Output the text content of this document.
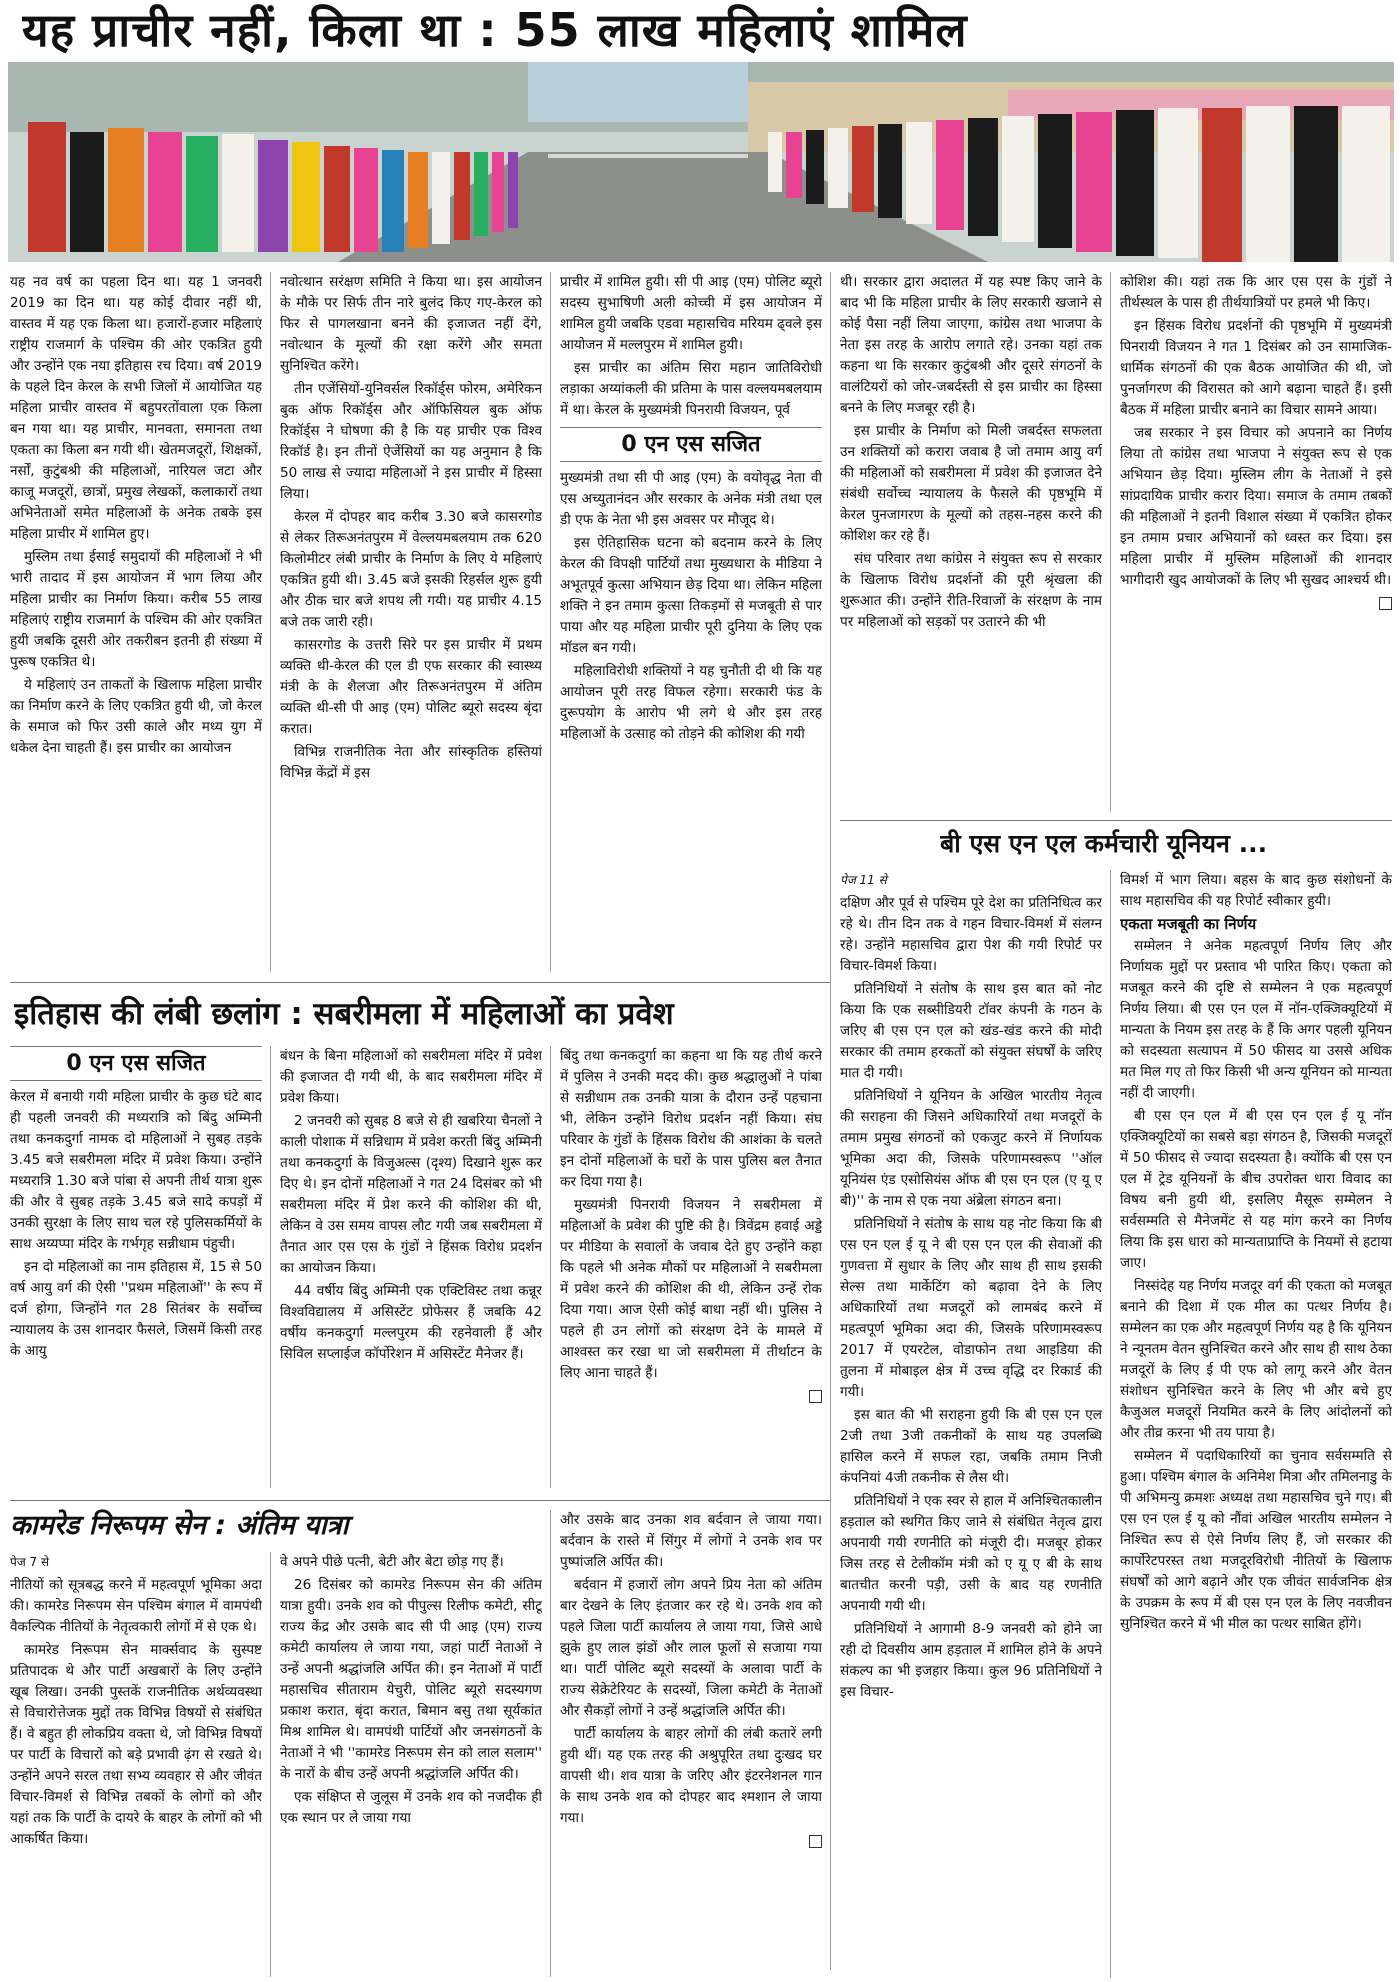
यह प्राचीर नहीं, किला था : 55 लाख महिलाएं शामिल

यह नव वर्ष का पहला दिन था। यह 1 जनवरी 2019 का दिन था। यह कोई दीवार नहीं थी, वास्तव में यह एक किला था। हजारों-हजार महिलाएं राष्ट्रीय राजमार्ग के पश्चिम की ओर एकत्रित हुयी और उन्होंने एक नया इतिहास रच दिया। वर्ष 2019 के पहले दिन केरल के सभी जिलों में आयोजित यह महिला प्राचीर वास्तव में बहुपरतोंवाला एक किला बन गया था। यह प्राचीर, मानवता, समानता तथा एकता का किला बन गयी थी। खेतमजदूरों, शिक्षकों, नर्सों, कुटुंबश्री की महिलाओं, नारियल जटा और काजू मजदूरों, छात्रों, प्रमुख लेखकों, कलाकारों तथा अभिनेताओं समेत महिलाओं के अनेक तबके इस महिला प्राचीर में शामिल हुए।

मुस्लिम तथा ईसाई समुदायों की महिलाओं ने भी भारी तादाद में इस आयोजन में भाग लिया और महिला प्राचीर का निर्माण किया। करीब 55 लाख महिलाएं राष्ट्रीय राजमार्ग के पश्चिम की ओर एकत्रित हुयी जबकि दूसरी ओर तकरीबन इतनी ही संख्या में पुरूष एकत्रित थे।

ये महिलाएं उन ताकतों के खिलाफ महिला प्राचीर का निर्माण करने के लिए एकत्रित हुयी थी, जो केरल के समाज को फिर उसी काले और मध्य युग में धकेल देना चाहती हैं। इस प्राचीर का आयोजन

नवोत्थान सरंक्षण समिति ने किया था। इस आयोजन के मौके पर सिर्फ तीन नारे बुलंद किए गए-केरल को फिर से पागलखाना बनने की इजाजत नहीं देंगे, नवोत्थान के मूल्यों की रक्षा करेंगे और समता सुनिश्चित करेंगे।

तीन एजेंसियों-युनिवर्सल रिकॉर्ड्स फोरम, अमेरिकन बुक ऑफ रिकॉर्ड्स और ऑफिसियल बुक ऑफ रिकॉर्ड्स ने घोषणा की है कि यह प्राचीर एक विश्व रिकॉर्ड है। इन तीनों ऐजेंसियों का यह अनुमान है कि 50 लाख से ज्यादा महिलाओं ने इस प्राचीर में हिस्सा लिया।

केरल में दोपहर बाद करीब 3.30 बजे कासरगोड से लेकर तिरूअनंतपुरम में वेल्लयमबलयाम तक 620 किलोमीटर लंबी प्राचीर के निर्माण के लिए ये महिलाएं एकत्रित हुयी थी। 3.45 बजे इसकी रिहर्सल शुरू हुयी और ठीक चार बजे शपथ ली गयी। यह प्राचीर 4.15 बजे तक जारी रही।

कासरगोड के उत्तरी सिरे पर इस प्राचीर में प्रथम व्यक्ति थी-केरल की एल डी एफ सरकार की स्वास्थ्य मंत्री के के शैलजा और तिरूअनंतपुरम में अंतिम व्यक्ति थी-सी पी आइ (एम) पोलिट ब्यूरो सदस्य बृंदा करात।

विभिन्न राजनीतिक नेता और सांस्कृतिक हस्तियां विभिन्न केंद्रों में इस

प्राचीर में शामिल हुयी। सी पी आइ (एम) पोलिट ब्यूरो सदस्य सुभाषिणी अली कोच्ची में इस आयोजन में शामिल हुयी जबकि एडवा महासचिव मरियम ढ्वले इस आयोजन में मल्लपुरम में शामिल हुयी।

इस प्राचीर का अंतिम सिरा महान जातिविरोधी लड़ाका अय्यांकली की प्रतिमा के पास वल्लयमबलयाम में था। केरल के मुख्यमंत्री पिनरायी विजयन, पूर्व

0 एन एस सजित

मुख्यमंत्री तथा सी पी आइ (एम) के वयोवृद्ध नेता वी एस अच्युतानंदन और सरकार के अनेक मंत्री तथा एल डी एफ के नेता भी इस अवसर पर मौजूद थे।

इस ऐतिहासिक घटना को बदनाम करने के लिए केरल की विपक्षी पार्टियों तथा मुख्यधारा के मीडिया ने अभूतपूर्व कुत्सा अभियान छेड़ दिया था। लेकिन महिला शक्ति ने इन तमाम कुत्सा तिकड़मों से मजबूती से पार पाया और यह महिला प्राचीर पूरी दुनिया के लिए एक मॉडल बन गयी।

महिलाविरोधी शक्तियों ने यह चुनौती दी थी कि यह आयोजन पूरी तरह विफल रहेगा। सरकारी फंड के दुरूपयोग के आरोप भी लगे थे और इस तरह महिलाओं के उत्साह को तोड़ने की कोशिश की गयी

थी। सरकार द्वारा अदालत में यह स्पष्ट किए जाने के बाद भी कि महिला प्राचीर के लिए सरकारी खजाने से कोई पैसा नहीं लिया जाएगा, कांग्रेस तथा भाजपा के नेता इस तरह के आरोप लगाते रहे। उनका यहां तक कहना था कि सरकार कुटुंबश्री और दूसरे संगठनों के वालंटियरों को जोर-जबर्दस्ती से इस प्राचीर का हिस्सा बनने के लिए मजबूर रही है।

इस प्राचीर के निर्माण को मिली जबर्दस्त सफलता उन शक्तियों को करारा जवाब है जो तमाम आयु वर्ग की महिलाओं को सबरीमला में प्रवेश की इजाजत देने संबंधी सर्वोच्च न्यायालय के फैसले की पृष्ठभूमि में केरल पुनजागरण के मूल्यों को तहस-नहस करने की कोशिश कर रहे हैं।

संघ परिवार तथा कांग्रेस ने संयुक्त रूप से सरकार के खिलाफ विरोध प्रदर्शनों की पूरी श्रृंखला की शुरूआत की। उन्होंने रीति-रिवाजों के संरक्षण के नाम पर महिलाओं को सड़कों पर उतारने की भी

कोशिश की। यहां तक कि आर एस एस के गुंडों ने तीर्थस्थल के पास ही तीर्थयात्रियों पर हमले भी किए।

इन हिंसक विरोध प्रदर्शनों की पृष्ठभूमि में मुख्यमंत्री पिनरायी विजयन ने गत 1 दिसंबर को उन सामाजिक-धार्मिक संगठनों की एक बैठक आयोजित की थी, जो पुनर्जागरण की विरासत को आगे बढ़ाना चाहते हैं। इसी बैठक में महिला प्राचीर बनाने का विचार सामने आया।

जब सरकार ने इस विचार को अपनाने का निर्णय लिया तो कांग्रेस तथा भाजपा ने संयुक्त रूप से एक अभियान छेड़ दिया। मुस्लिम लीग के नेताओं ने इसे सांप्रदायिक प्राचीर करार दिया। समाज के तमाम तबकों की महिलाओं ने इतनी विशाल संख्या में एकत्रित होकर इन तमाम प्रचार अभियानों को ध्वस्त कर दिया। इस महिला प्राचीर में मुस्लिम महिलाओं की शानदार भागीदारी खुद आयोजकों के लिए भी सुखद आश्चर्य थी।

बी एस एन एल कर्मचारी यूनियन ...
इतिहास की लंबी छलांग : सबरीमला में महिलाओं का प्रवेश
0 एन एस सजित

केरल में बनायी गयी महिला प्राचीर के कुछ घंटे बाद ही पहली जनवरी की मध्यरात्रि को बिंदु अम्मिनी तथा कनकदुर्गा नामक दो महिलाओं ने सुबह तड़के 3.45 बजे सबरीमला मंदिर में प्रवेश किया। उन्होंने मध्यरात्रि 1.30 बजे पांबा से अपनी तीर्थ यात्रा शुरू की और वे सुबह तड़के 3.45 बजे सादे कपड़ों में उनकी सुरक्षा के लिए साथ चल रहे पुलिसकर्मियों के साथ अय्यप्पा मंदिर के गर्भगृह सन्नीधाम पंहुची।

इन दो महिलाओं का नाम इतिहास में, 15 से 50 वर्ष आयु वर्ग की ऐसी ''प्रथम महिलाओं'' के रूप में दर्ज होगा, जिन्होंने गत 28 सितंबर के सर्वोच्च न्यायालय के उस शानदार फैसले, जिसमें किसी तरह के आयु

बंधन के बिना महिलाओं को सबरीमला मंदिर में प्रवेश की इजाजत दी गयी थी, के बाद सबरीमला मंदिर में प्रवेश किया।

2 जनवरी को सुबह 8 बजे से ही खबरिया चैनलों ने काली पोशाक में सन्निधाम में प्रवेश करती बिंदु अम्मिनी तथा कनकदुर्गा के विजुअल्स (दृश्य) दिखाने शुरू कर दिए थे। इन दोनों महिलाओं ने गत 24 दिसंबर को भी सबरीमला मंदिर में प्रेश करने की कोशिश की थी, लेकिन वे उस समय वापस लौट गयी जब सबरीमला में तैनात आर एस एस के गुंडों ने हिंसक विरोध प्रदर्शन का आयोजन किया।

44 वर्षीय बिंदु अम्मिनी एक एक्टिविस्ट तथा कन्नूर विश्वविद्यालय में असिस्टेंट प्रोफेसर हैं जबकि 42 वर्षीय कनकदुर्गा मल्लपुरम की रहनेवाली हैं और सिविल सप्लाईज कॉर्पोरेशन में असिस्टेंट मैनेजर हैं।

बिंदु तथा कनकदुर्गा का कहना था कि यह तीर्थ करने में पुलिस ने उनकी मदद की। कुछ श्रद्धालुओं ने पांबा से सन्नीधाम तक उनकी यात्रा के दौरान उन्हें पहचाना भी, लेकिन उन्होंने विरोध प्रदर्शन नहीं किया। संघ परिवार के गुंडों के हिंसक विरोध की आशंका के चलते इन दोनों महिलाओं के घरों के पास पुलिस बल तैनात कर दिया गया है।

मुख्यमंत्री पिनरायी विजयन ने सबरीमला में महिलाओं के प्रवेश की पुष्टि की है। त्रिवेंद्रम हवाई अड्डे पर मीडिया के सवालों के जवाब देते हुए उन्होंने कहा कि पहले भी अनेक मौकों पर महिलाओं ने सबरीमला में प्रवेश करने की कोशिश की थी, लेकिन उन्हें रोक दिया गया। आज ऐसी कोई बाधा नहीं थी। पुलिस ने पहले ही उन लोगों को संरक्षण देने के मामले में आश्वस्त कर रखा था जो सबरीमला में तीर्थाटन के लिए आना चाहते हैं।

कामरेड निरूपम सेन : अंतिम यात्रा

पेज 7 से

नीतियों को सूत्रबद्ध करने में महत्वपूर्ण भूमिका अदा की। कामरेड निरूपम सेन पश्चिम बंगाल में वामपंथी वैकल्पिक नीतियों के नेतृत्वकारी लोगों में से एक थे।

कामरेड निरूपम सेन मार्क्सवाद के सुस्पष्ट प्रतिपादक थे और पार्टी अखबारों के लिए उन्होंने खूब लिखा। उनकी पुस्तकें राजनीतिक अर्थव्यवस्था से विचारोत्तेजक मुद्दों तक विभिन्न विषयों से संबंधित हैं। वे बहुत ही लोकप्रिय वक्ता थे, जो विभिन्न विषयों पर पार्टी के विचारों को बड़े प्रभावी ढ़ंग से रखते थे। उन्होंने अपने सरल तथा सभ्य व्यवहार से और जीवंत विचार-विमर्श से विभिन्न तबकों के लोगों को और यहां तक कि पार्टी के दायरे के बाहर के लोगों को भी आकर्षित किया।

वे अपने पीछे पत्नी, बेटी और बेटा छोड़ गए हैं।

26 दिसंबर को कामरेड निरूपम सेन की अंतिम यात्रा हुयी। उनके शव को पीपुल्स रिलीफ कमेटी, सीटू राज्य केंद्र और उसके बाद सी पी आइ (एम) राज्य कमेटी कार्यालय ले जाया गया, जहां पार्टी नेताओं ने उन्हें अपनी श्रद्धांजलि अर्पित की। इन नेताओं में पार्टी महासचिव सीताराम येचुरी, पोलिट ब्यूरो सदस्यगण प्रकाश करात, बृंदा करात, बिमान बसु तथा सूर्यकांत मिश्र शामिल थे। वामपंथी पार्टियों और जनसंगठनों के नेताओं ने भी ''कामरेड निरूपम सेन को लाल सलाम'' के नारों के बीच उन्हें अपनी श्रद्धांजलि अर्पित की।

एक संक्षिप्त से जुलूस में उनके शव को नजदीक ही एक स्थान पर ले जाया गया

और उसके बाद उनका शव बर्दवान ले जाया गया। बर्दवान के रास्ते में सिंगुर में लोगों ने उनके शव पर पुष्पांजलि अर्पित की।

बर्दवान में हजारों लोग अपने प्रिय नेता को अंतिम बार देखने के लिए इंतजार कर रहे थे। उनके शव को पहले जिला पार्टी कार्यालय ले जाया गया, जिसे आधे झुके हुए लाल झंडों और लाल फूलों से सजाया गया था। पार्टी पोलिट ब्यूरो सदस्यों के अलावा पार्टी के राज्य सेक्रेटेरियट के सदस्यों, जिला कमेटी के नेताओं और सैकड़ों लोगों ने उन्हें श्रद्धांजलि अर्पित की।

पार्टी कार्यालय के बाहर लोगों की लंबी कतारें लगी हुयी थीं। यह एक तरह की अश्रुपूरित तथा दुःखद घर वापसी थी। शव यात्रा के जरिए और इंटरनेशनल गान के साथ उनके शव को दोपहर बाद श्मशान ले जाया गया।

पेज 11 से

दक्षिण और पूर्व से पश्चिम पूरे देश का प्रतिनिधित्व कर रहे थे। तीन दिन तक वे गहन विचार-विमर्श में संलग्न रहे। उन्होंने महासचिव द्वारा पेश की गयी रिपोर्ट पर विचार-विमर्श किया।

प्रतिनिधियों ने संतोष के साथ इस बात को नोट किया कि एक सब्सीडियरी टॉवर कंपनी के गठन के जरिए बी एस एन एल को खंड-खंड करने की मोदी सरकार की तमाम हरकतों को संयुक्त संघर्षों के जरिए मात दी गयी।

प्रतिनिधियों ने यूनियन के अखिल भारतीय नेतृत्व की सराहना की जिसने अधिकारियों तथा मजदूरों के तमाम प्रमुख संगठनों को एकजुट करने में निर्णायक भूमिका अदा की, जिसके परिणामस्वरूप ''ऑल यूनियंस एंड एसोसियंस ऑफ बी एस एन एल (ए यू ए बी)'' के नाम से एक नया अंब्रेला संगठन बना।

प्रतिनिधियों ने संतोष के साथ यह नोट किया कि बी एस एन एल ई यू ने बी एस एन एल की सेवाओं की गुणवत्ता में सुधार के लिए और साथ ही साथ इसकी सेल्स तथा मार्केटिंग को बढ़ावा देने के लिए अधिकारियों तथा मजदूरों को लामबंद करने में महत्वपूर्ण भूमिका अदा की, जिसके परिणामस्वरूप 2017 में एयरटेल, वोडाफोन तथा आइडिया की तुलना में मोबाइल क्षेत्र में उच्च वृद्धि दर रिकार्ड की गयी।

इस बात की भी सराहना हुयी कि बी एस एन एल 2जी तथा 3जी तकनीकों के साथ यह उपलब्धि हासिल करने में सफल रहा, जबकि तमाम निजी कंपनियां 4जी तकनीक से लैस थी।

प्रतिनिधियों ने एक स्वर से हाल में अनिश्चितकालीन हड़ताल को स्थगित किए जाने से संबंधित नेतृत्व द्वारा अपनायी गयी रणनीति को मंजूरी दी। मजबूर होकर जिस तरह से टेलीकॉम मंत्री को ए यू ए बी के साथ बातचीत करनी पड़ी, उसी के बाद यह रणनीति अपनायी गयी थी।

प्रतिनिधियों ने आगामी 8-9 जनवरी को होने जा रही दो दिवसीय आम हड़ताल में शामिल होने के अपने संकल्प का भी इजहार किया। कुल 96 प्रतिनिधियों ने इस विचार-

विमर्श में भाग लिया। बहस के बाद कुछ संशोधनों के साथ महासचिव की यह रिपोर्ट स्वीकार हुयी।

एकता मजबूती का निर्णय

सम्मेलन ने अनेक महत्वपूर्ण निर्णय लिए और निर्णायक मुद्दों पर प्रस्ताव भी पारित किए। एकता को मजबूत करने की दृष्टि से सम्मेलन ने एक महत्वपूर्ण निर्णय लिया। बी एस एन एल में नॉन-एक्जिक्यूटियों में मान्यता के नियम इस तरह के हैं कि अगर पहली यूनियन को सदस्यता सत्यापन में 50 फीसद या उससे अधिक मत मिल गए तो फिर किसी भी अन्य यूनियन को मान्यता नहीं दी जाएगी।

बी एस एन एल में बी एस एन एल ई यू नॉन एक्जिक्यूटियों का सबसे बड़ा संगठन है, जिसकी मजदूरों में 50 फीसद से ज्यादा सदस्यता है। क्योंकि बी एस एन एल में ट्रेड यूनियनों के बीच उपरोक्त धारा विवाद का विषय बनी हुयी थी, इसलिए मैसूरू सम्मेलन ने सर्वसम्मति से मैनेजमेंट से यह मांग करने का निर्णय लिया कि इस धारा को मान्यताप्राप्ति के नियमों से हटाया जाए।

निस्संदेह यह निर्णय मजदूर वर्ग की एकता को मजबूत बनाने की दिशा में एक मील का पत्थर निर्णय है। सम्मेलन का एक और महत्वपूर्ण निर्णय यह है कि यूनियन ने न्यूनतम वेतन सुनिश्चित करने और साथ ही साथ ठेका मजदूरों के लिए ई पी एफ को लागू करने और वेतन संशोधन सुनिश्चित करने के लिए भी और बचे हुए कैजुअल मजदूरों नियमित करने के लिए आंदोलनों को और तीव्र करना भी तय पाया है।

सम्मेलन में पदाधिकारियों का चुनाव सर्वसम्मति से हुआ। पश्चिम बंगाल के अनिमेश मित्रा और तमिलनाडु के पी अभिमन्यु क्रमशः अध्यक्ष तथा महासचिव चुने गए। बी एस एन एल ई यू को नौंवां अखिल भारतीय सम्मेलन ने निश्चित रूप से ऐसे निर्णय लिए हैं, जो सरकार की कार्पोरेटपरस्त तथा मजदूरविरोधी नीतियों के खिलाफ संघर्षों को आगे बढ़ाने और एक जीवंत सार्वजनिक क्षेत्र के उपक्रम के रूप में बी एस एन एल के लिए नवजीवन सुनिश्चित करने में भी मील का पत्थर साबित होंगे।
